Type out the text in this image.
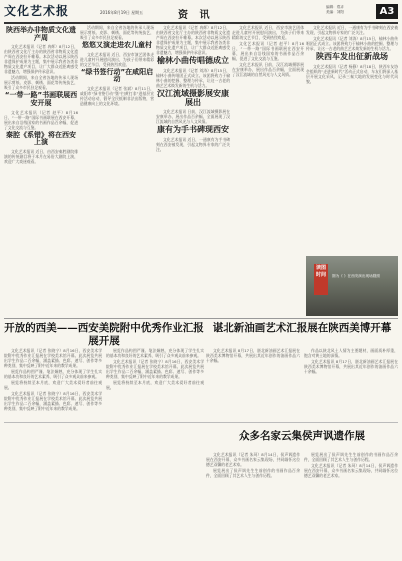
文化艺术报	2016年8月19日 星期五	资 讯
编辑：郑卉
美编：刘阳	A3
陕西举办非物质文化遗产周

文化艺术报讯（记者 冉辉）8月12日，由陕西省文化厅主办的陕西省非物质文化遗产周在西安拉开帷幕。本次活动以展示陕西非遗保护成果为主题，集中展示我省各类非物质文化遗产项目，让广大群众近距离感受非遗魅力，增强保护传承意识。

活动期间，来自全省各地的传承人现场展示剪纸、皮影、刺绣、面花等传统技艺，吸引了众多市民驻足观看。

“一带一路”书画联展西安开展

文化艺术报讯（记者 赵平）8月16日，“一带一路”国际书画联展在西安开幕，展出来自沿线国家的书画作品百余幅，促进了文化交流与互鉴。

秦腔《系错》将在西安上演

文化艺术报讯 近日，由西安秦腔剧院排演的传统剧目将于本月在易俗大剧院上演，欢迎广大戏迷观看。

活动期间，来自全省各地的传承人现场展示剪纸、皮影、刺绣、面花等传统技艺，吸引了众多市民驻足观看。

悠悠又演走进农儿童村

文化艺术报讯 近日，西安市演艺团体走进儿童村开展慰问演出，为孩子们带来精彩的文艺节目，受到热烈欢迎。

“绿书签行动”在咸阳启动

文化艺术报讯（记者 张斌）8月11日，咸阳市“绿书签行动”暨“扫黄打非”进基层宣传活动启动，倡导全民抵制非法出版物，营造健康向上的文化环境。

文化艺术报讯（记者 冉辉）8月12日，由陕西省文化厅主办的陕西省非物质文化遗产周在西安拉开帷幕。本次活动以展示陕西非遗保护成果为主题，集中展示我省各类非物质文化遗产项目，让广大群众近距离感受非遗魅力，增强保护传承意识。

榆林小曲传唱德成立

文化艺术报讯（记者 刘涛）8月15日，榆林小曲传唱团正式成立。该团将致力于榆林小曲的挖掘、整理与传承，让这一古老的曲艺艺术焕发新的生机与活力。

汉江流域摄影展安康展出

文化艺术报讯 日前，汉江流域摄影展在安康举办，展出作品百余幅，全面展现了汉江流域的自然风光与人文风情。

康有为手书碑现西安

文化艺术报讯 近日，一通康有为手书碑刻在西安被发现，引起文物界专家的广泛关注。

文化艺术报讯 近日，西安市演艺团体走进儿童村开展慰问演出，为孩子们带来精彩的文艺节目，受到热烈欢迎。

文化艺术报讯（记者 赵平）8月16日，“一带一路”国际书画联展在西安开幕，展出来自沿线国家的书画作品百余幅，促进了文化交流与互鉴。

文化艺术报讯 日前，汉江流域摄影展在安康举办，展出作品百余幅，全面展现了汉江流域的自然风光与人文风情。

文化艺术报讯 近日，一通康有为手书碑刻在西安被发现，引起文物界专家的广泛关注。

文化艺术报讯（记者 刘涛）8月15日，榆林小曲传唱团正式成立。该团将致力于榆林小曲的挖掘、整理与传承，让这一古老的曲艺艺术焕发新的生机与活力。

陕西车发出征新战场

文化艺术报讯（记者 杨静）8月18日，陕西车友协会组织的“走进新时代”活动正式启动，车友们将深入基层开展文化采风，记录三秦大地的发展变化与时代风貌。

读图时间	图为《 》在西安演出现场剧照
开放的西美——西安美院附中优秀作业汇报展开展
谌北新油画艺术汇报展在陕西美博开幕

文化艺术报讯（记者 张晓宁）8月16日，西安美术学院附中优秀作业汇报展在学校美术馆开幕。此次展览共展出学生作品二百余幅，涵盖素描、色彩、速写、创作等多种类别，集中反映了附中近年来的教学成果。

展览作品构图严谨、笔法娴熟，充分体现了学生扎实的基本功和良好的艺术素养，吸引了众多观众前来参观。

展览将持续至本月底，欢迎广大美术爱好者前往观展。

文化艺术报讯（记者 张晓宁）8月16日，西安美术学院附中优秀作业汇报展在学校美术馆开幕。此次展览共展出学生作品二百余幅，涵盖素描、色彩、速写、创作等多种类别，集中反映了附中近年来的教学成果。

展览作品构图严谨、笔法娴熟，充分体现了学生扎实的基本功和良好的艺术素养，吸引了众多观众前来参观。

文化艺术报讯（记者 张晓宁）8月16日，西安美术学院附中优秀作业汇报展在学校美术馆开幕。此次展览共展出学生作品二百余幅，涵盖素描、色彩、速写、创作等多种类别，集中反映了附中近年来的教学成果。

展览将持续至本月底，欢迎广大美术爱好者前往观展。

文化艺术报讯 8月17日，谌北新油画艺术汇报展在陕西美术博物馆开幕，共展出其近年创作的油画作品六十余幅。

作品以陕北风土人情为主要题材，画面质朴厚重，饱含对黄土地的深情。

文化艺术报讯 8月17日，谌北新油画艺术汇报展在陕西美术博物馆开幕，共展出其近年创作的油画作品六十余幅。

众多名家云集侯声讽遗作展

文化艺术报讯（记者 朱珂）8月14日，侯声讽遗作展在西安开幕，众多书画名家云集现场，共同缅怀这位德艺双馨的老艺术家。

展览展出了侯声讽先生生前创作的书画作品百余件，全面回顾了其艺术人生与创作历程。

展览展出了侯声讽先生生前创作的书画作品百余件，全面回顾了其艺术人生与创作历程。

文化艺术报讯（记者 朱珂）8月14日，侯声讽遗作展在西安开幕，众多书画名家云集现场，共同缅怀这位德艺双馨的老艺术家。
